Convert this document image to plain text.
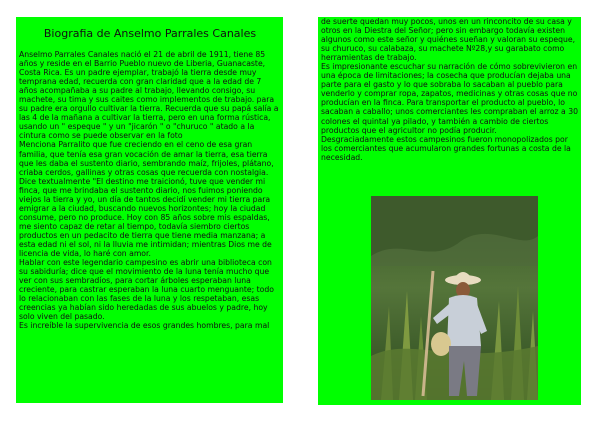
Biografia de Anselmo Parrales Canales

Anselmo Parrales Canales nació el 21 de abril de 1911, tiene 85 años y reside en el Barrio Pueblo nuevo de Liberia, Guanacaste, Costa Rica. Es un padre ejemplar, trabajó la tierra desde muy temprana edad, recuerda con gran claridad que a la edad de 7 años acompañaba a su padre al trabajo, llevando consigo, su machete, su tima y sus caites como implementos de trabajo. para su padre era orgullo cultivar la tierra. Recuerda que su papá salía a las 4 de la mañana a cultivar la tierra, pero en una forma rústica, usando un " espeque " y un "jicarón " o "churuco " atado a la cintura como se puede observar en la foto

Menciona Parralito que fue creciendo en el ceno de esa gran familia, que tenía esa gran vocación de amar la tierra, esa tierra que les daba el sustento diario, sembrando maíz, frijoles, plátano, criaba cerdos, gallinas y otras cosas que recuerda con nostalgia.

Dice textualmente "El destino me traicionó, tuve que vender mi finca, que me brindaba el sustento diario, nos fuimos poniendo viejos la tierra y yo, un día de tantos decidí vender mi tierra para emigrar a la ciudad, buscando nuevos horizontes; hoy la ciudad consume, pero no produce. Hoy con 85 años sobre mis espaldas, me siento capaz de retar al tiempo, todavía siembro ciertos productos en un pedacito de tierra que tiene media manzana; a esta edad ni el sol, ni la lluvia me intimidan; mientras Dios me de licencia de vida, lo haré con amor.

Hablar con este legendario campesino es abrir una biblioteca con su sabiduría; dice que el movimiento de la luna tenía mucho que ver con sus sembradíos, para cortar árboles esperaban luna creciente, para castrar esperaban la luna cuarto menguante; todo lo relacionaban con las fases de la luna y los respetaban, esas creencias ya habían sido heredadas de sus abuelos y padre, hoy solo viven del pasado.

Es increíble la supervivencia de esos grandes hombres, para mal

de suerte quedan muy pocos, unos en un rinconcito de su casa y otros en la Diestra del Señor; pero sin embargo todavía existen algunos como este señor y quiénes sueñan y valoran su espeque, su churuco, su calabaza, su machete Nº28,y su garabato como herramientas de trabajo.

Es impresionante escuchar su narración de cómo sobrevivieron en una época de limitaciones; la cosecha que producían dejaba una parte para el gasto y lo que sobraba lo sacaban al pueblo para venderlo y comprar ropa, zapatos, medicinas y otras cosas que no producían en la finca. Para transportar el producto al pueblo, lo sacaban a caballo; unos comerciantes les compraban el arroz a 30 colones el quintal ya pilado, y también a cambio de ciertos productos que el agricultor no podía producir.

Desgraciadamente estos campesinos fueron monopolizados por los comerciantes que acumularon grandes fortunas a costa de la necesidad.
